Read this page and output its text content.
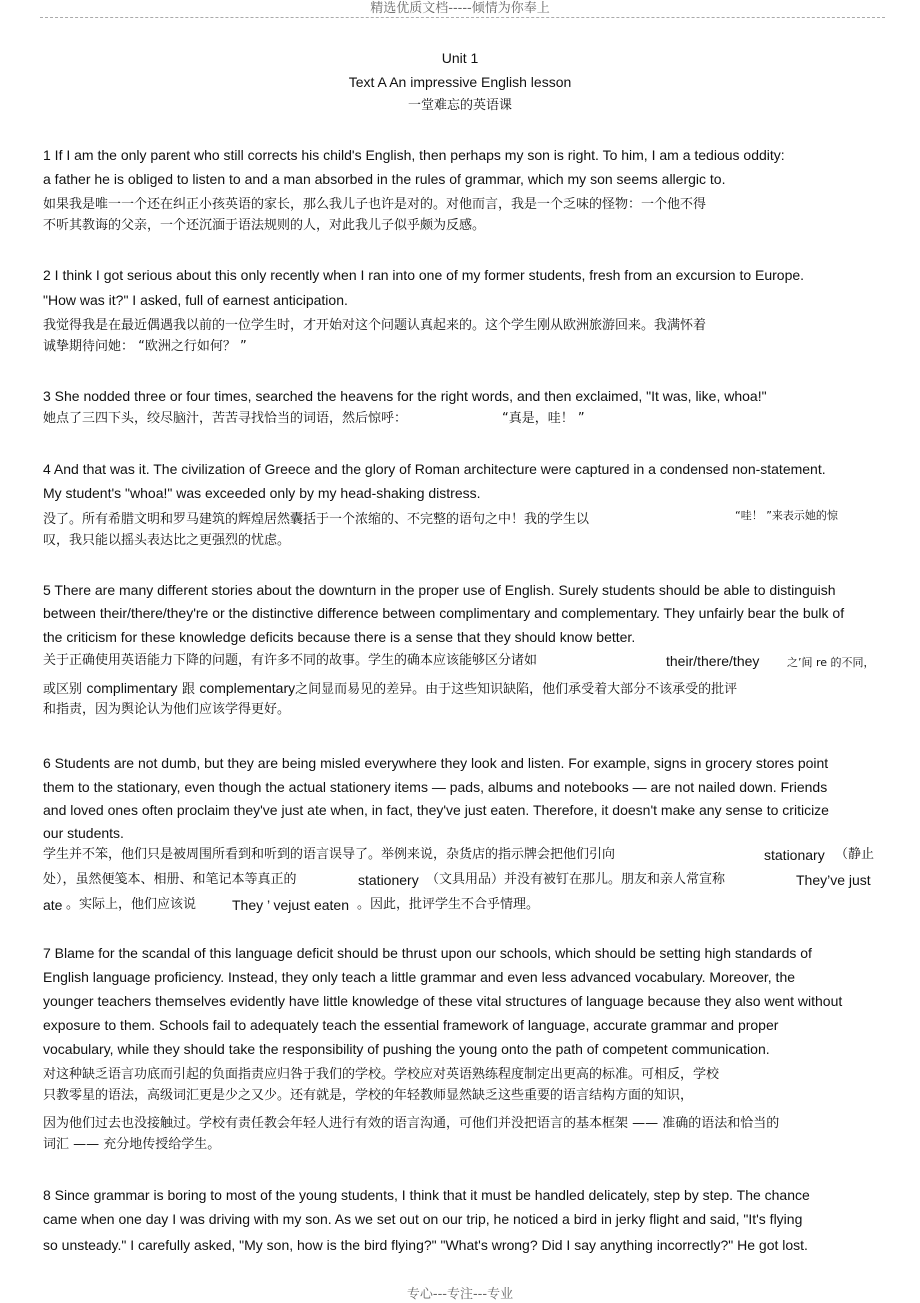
精选优质文档-----倾情为你奉上
Unit 1
Text A An impressive English lesson
一堂难忘的英语课
1 If I am the only parent who still corrects his child's English, then perhaps my son is right. To him, I am a tedious oddity:
a father he is obliged to listen to and a man absorbed in the rules of grammar, which my son seems allergic to.
如果我是唯一一个还在纠正小孩英语的家长，那么我儿子也许是对的。对他而言，我是一个乏味的怪物：一个他不得
不听其教诲的父亲，一个还沉湎于语法规则的人，对此我儿子似乎颇为反感。
2 I think I got serious about this only recently when I ran into one of my former students, fresh from an excursion to Europe.
"How was it?" I asked, full of earnest anticipation.
我觉得我是在最近偶遇我以前的一位学生时，才开始对这个问题认真起来的。这个学生刚从欧洲旅游回来。我满怀着
诚挚期待问她： “欧洲之行如何？ ”
3 She nodded three or four times, searched the heavens for the right words, and then exclaimed, "It was, like, whoa!"
她点了三四下头，绞尽脑汁，苦苦寻找恰当的词语，然后惊呼：	“真是，哇！ ”
4 And that was it. The civilization of Greece and the glory of Roman architecture were captured in a condensed non-statement.
My student's "whoa!" was exceeded only by my head-shaking distress.
没了。所有希腊文明和罗马建筑的辉煌居然囊括于一个浓缩的、不完整的语句之中！我的学生以	“哇！ ”来表示她的惊
叹，我只能以摇头表达比之更强烈的忧虑。
5 There are many different stories about the downturn in the proper use of English. Surely students should be able to distinguish
between their/there/they're or the distinctive difference between complimentary and complementary. They unfairly bear the bulk of
the criticism for these knowledge deficits because there is a sense that they should know better.
关于正确使用英语能力下降的问题，有许多不同的故事。学生的确本应该能够区分诸如	their/there/they	之’间 re 的不同，
或区别 complimentary 跟 complementary之间显而易见的差异。由于这些知识缺陷，他们承受着大部分不该承受的批评
和指责，因为舆论认为他们应该学得更好。
6 Students are not dumb, but they are being misled everywhere they look and listen. For example, signs in grocery stores point
them to the stationary, even though the actual stationery items — pads, albums and notebooks — are not nailed down. Friends
and loved ones often proclaim they've just ate when, in fact, they've just eaten. Therefore, it doesn't make any sense to criticize
our students.
学生并不笨，他们只是被周围所看到和听到的语言误导了。举例来说，杂货店的指示牌会把他们引向	stationary （静止
处），虽然便笺本、相册、和笔记本等真正的	stationery （文具用品）并没有被钉在那儿。朋友和亲人常宣称	They’ve just
ate 。实际上，他们应该说	They ’ vejust eaten 。因此，批评学生不合乎情理。
7 Blame for the scandal of this language deficit should be thrust upon our schools, which should be setting high standards of
English language proficiency. Instead, they only teach a little grammar and even less advanced vocabulary. Moreover, the
younger teachers themselves evidently have little knowledge of these vital structures of language because they also went without
exposure to them. Schools fail to adequately teach the essential framework of language, accurate grammar and proper
vocabulary, while they should take the responsibility of pushing the young onto the path of competent communication.
对这种缺乏语言功底而引起的负面指责应归咎于我们的学校。学校应对英语熟练程度制定出更高的标准。可相反，学校
只教零星的语法，高级词汇更是少之又少。还有就是，学校的年轻教师显然缺乏这些重要的语言结构方面的知识，
因为他们过去也没接触过。学校有责任教会年轻人进行有效的语言沟通，可他们并没把语言的基本框架 —— 准确的语法和恰当的
词汇 —— 充分地传授给学生。
8 Since grammar is boring to most of the young students, I think that it must be handled delicately, step by step. The chance
came when one day I was driving with my son. As we set out on our trip, he noticed a bird in jerky flight and said, "It's flying
so unsteady." I carefully asked, "My son, how is the bird flying?" "What's wrong? Did I say anything incorrectly?" He got lost.
专心---专注---专业
